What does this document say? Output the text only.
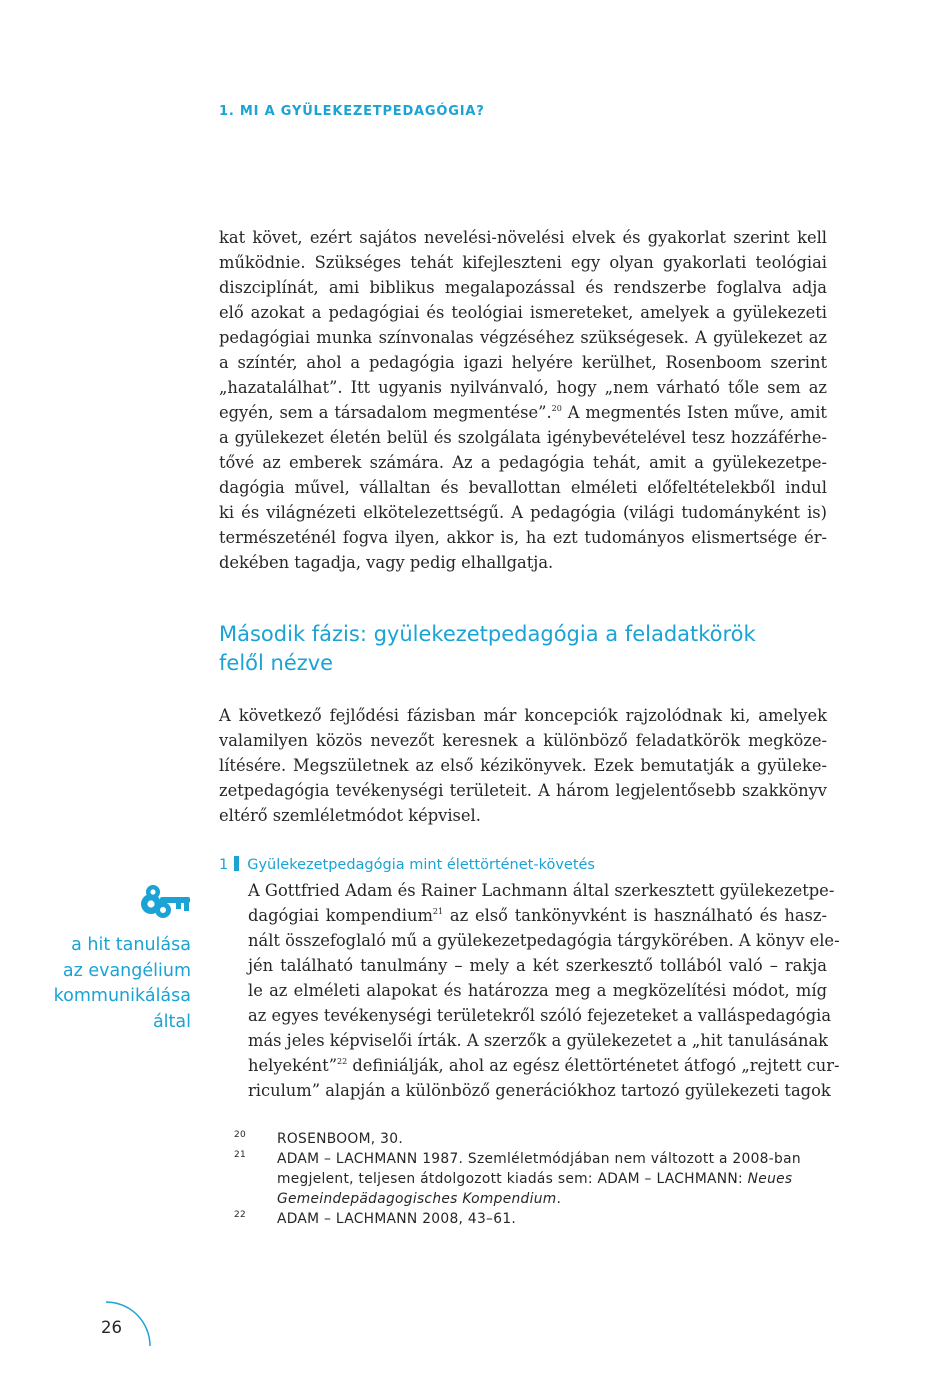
1. MI A GYÜLEKEZETPEDAGÓGIA?
kat követ, ezért sajátos nevelési-növelési elvek és gyakorlat szerint kell
működnie. Szükséges tehát kifejleszteni egy olyan gyakorlati teológiai
diszciplínát, ami biblikus megalapozással és rendszerbe foglalva adja
elő azokat a pedagógiai és teológiai ismereteket, amelyek a gyülekezeti
pedagógiai munka színvonalas végzéséhez szükségesek. A gyülekezet az
a színtér, ahol a pedagógia igazi helyére kerülhet, Rosenboom szerint
„hazatalálhat”. Itt ugyanis nyilvánvaló, hogy „nem várható tőle sem az
egyén, sem a társadalom megmentése”.$^{20}$ A megmentés Isten műve, amit
a gyülekezet életén belül és szolgálata igénybevételével tesz hozzáférhe-
tővé az emberek számára. Az a pedagógia tehát, amit a gyülekezetpe-
dagógia művel, vállaltan és bevallottan elméleti előfeltételekből indul
ki és világnézeti elkötelezettségű. A pedagógia (világi tudományként is)
természeténél fogva ilyen, akkor is, ha ezt tudományos elismertsége ér-
dekében tagadja, vagy pedig elhallgatja.
Második fázis: gyülekezetpedagógia a feladatkörök
felől nézve
A következő fejlődési fázisban már koncepciók rajzolódnak ki, amelyek
valamilyen közös nevezőt keresnek a különböző feladatkörök megköze-
lítésére. Megszületnek az első kézikönyvek. Ezek bemutatják a gyüleke-
zetpedagógia tevékenységi területeit. A három legjelentősebb szakkönyv
eltérő szemléletmódot képvisel.
1 Gyülekezetpedagógia mint élettörténet-követés
A Gottfried Adam és Rainer Lachmann által szerkesztett gyülekezetpe-
dagógiai kompendium$^{21}$ az első tankönyvként is használható és hasz-
nált összefoglaló mű a gyülekezetpedagógia tárgykörében. A könyv ele-
jén található tanulmány – mely a két szerkesztő tollából való – rakja
le az elméleti alapokat és határozza meg a megközelítési módot, míg
az egyes tevékenységi területekről szóló fejezeteket a valláspedagógia
más jeles képviselői írták. A szerzők a gyülekezetet a „hit tanulásának
helyeként”$^{22}$ definiálják, ahol az egész élettörténetet átfogó „rejtett cur-
riculum” alapján a különböző generációkhoz tartozó gyülekezeti tagok
a hit tanulása
az evangélium
kommunikálása
által
20 ROSENBOOM, 30.
21 ADAM – LACHMANN 1987. Szemléletmódjában nem változott a 2008-ban
megjelent, teljesen átdolgozott kiadás sem: ADAM – LACHMANN: Neues
Gemeindepädagogisches Kompendium.
22 ADAM – LACHMANN 2008, 43–61.
26
